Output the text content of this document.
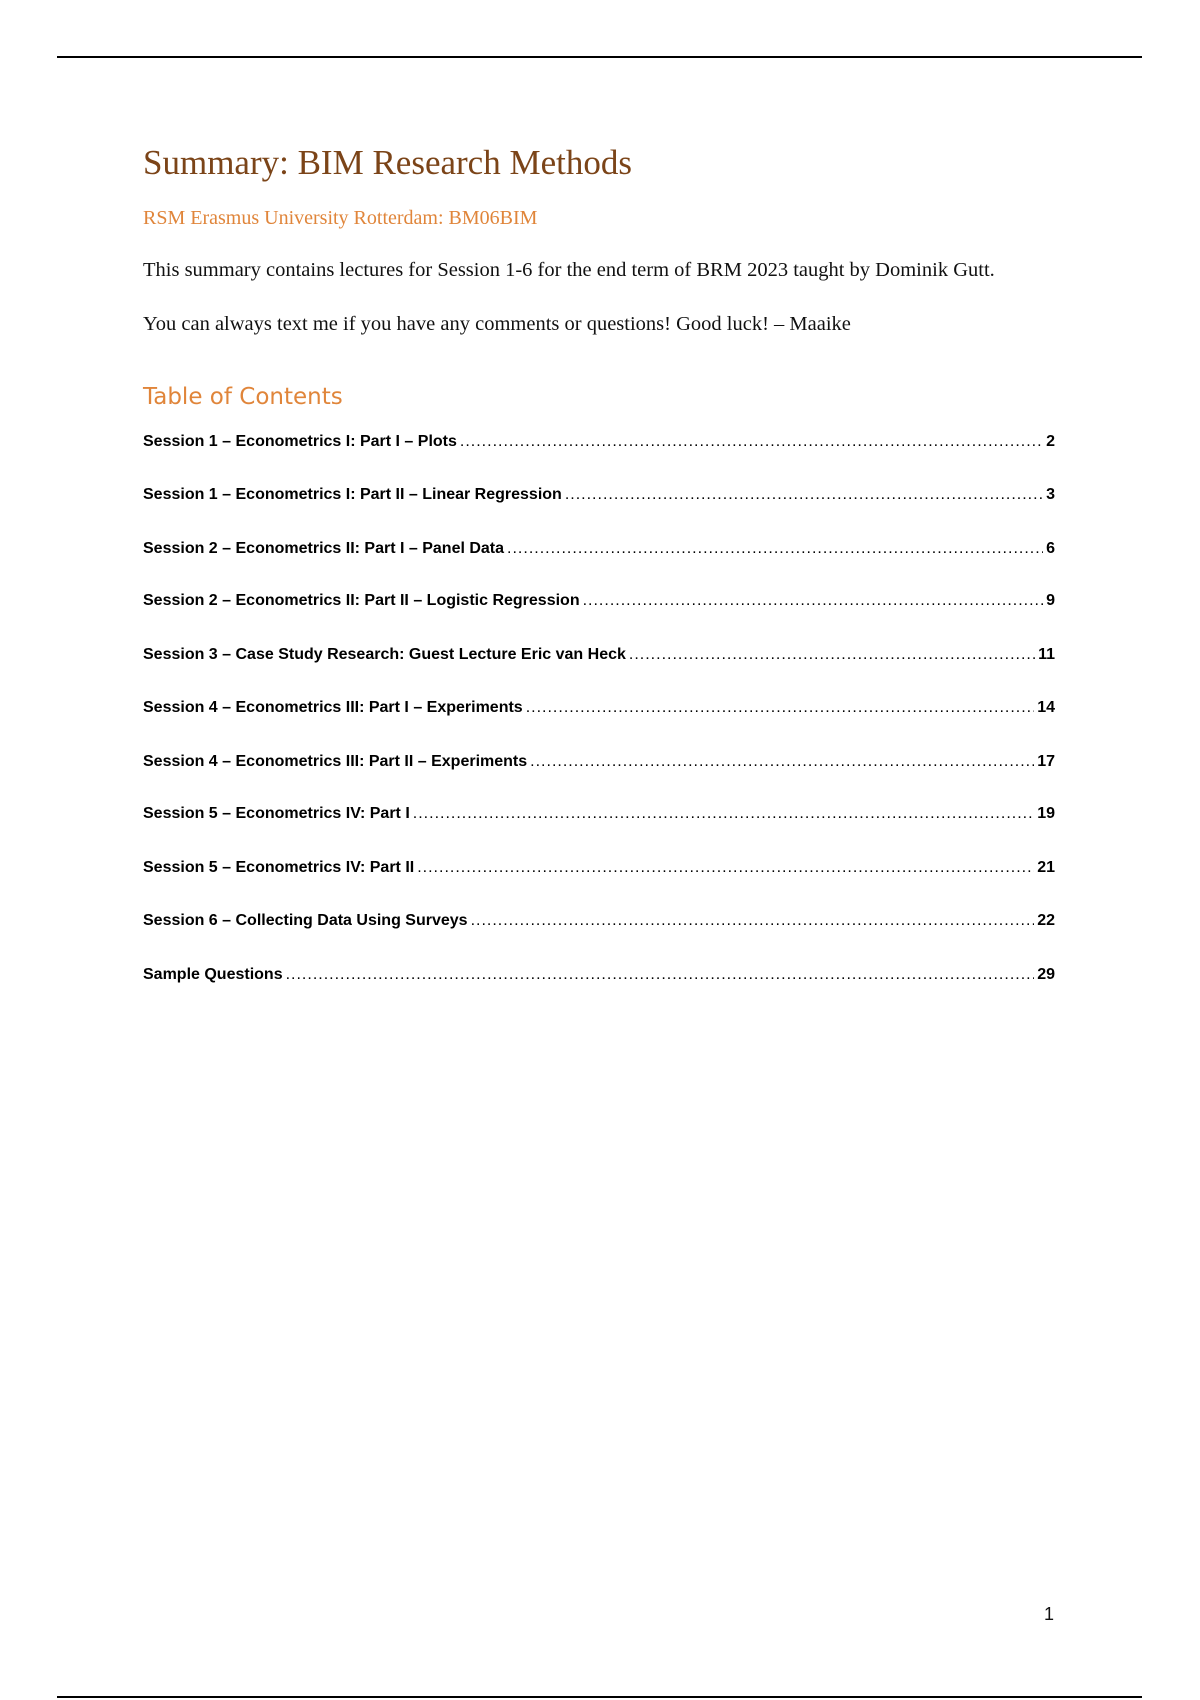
Summary: BIM Research Methods

RSM Erasmus University Rotterdam: BM06BIM

This summary contains lectures for Session 1-6 for the end term of BRM 2023 taught by Dominik Gutt.

You can always text me if you have any comments or questions! Good luck! – Maaike

Table of Contents
Session 1 – Econometrics I: Part I – Plots .....	2
Session 1 – Econometrics I: Part II – Linear Regression .....	3
Session 2 – Econometrics II: Part I – Panel Data .....	6
Session 2 – Econometrics II: Part II – Logistic Regression .....	9
Session 3 – Case Study Research: Guest Lecture Eric van Heck .....	11
Session 4 – Econometrics III: Part I – Experiments .....	14
Session 4 – Econometrics III: Part II – Experiments .....	17
Session 5 – Econometrics IV: Part I .....	19
Session 5 – Econometrics IV: Part II .....	21
Session 6 – Collecting Data Using Surveys .....	22
Sample Questions .....	29
1
